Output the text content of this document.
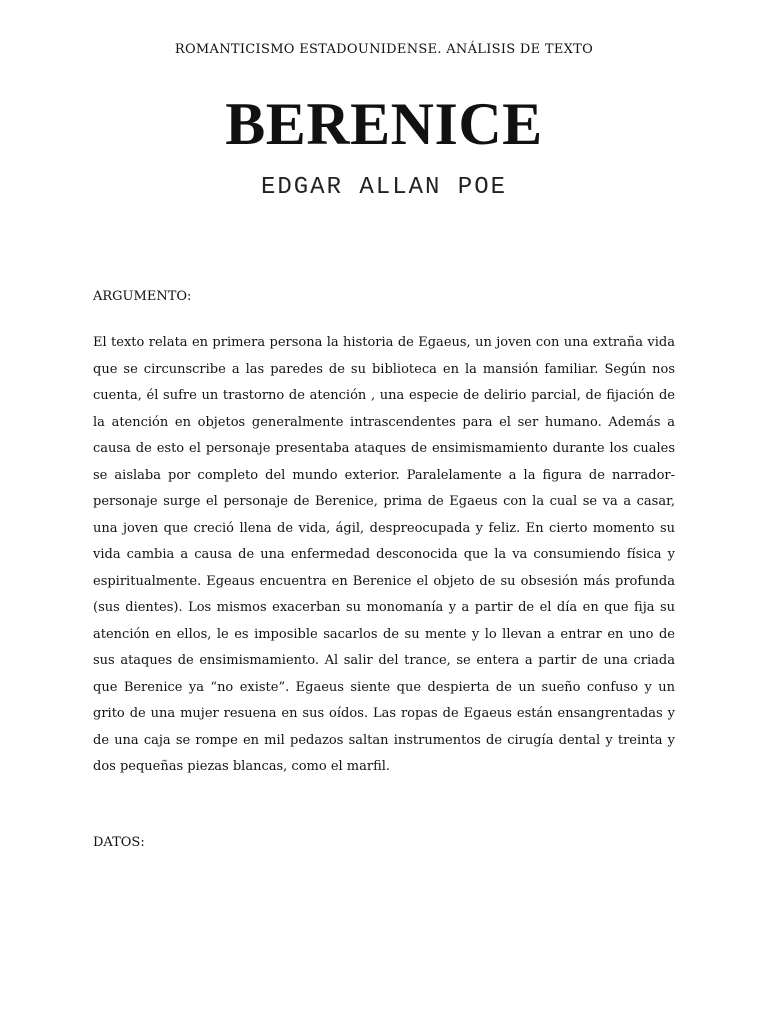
ROMANTICISMO ESTADOUNIDENSE. ANÁLISIS DE TEXTO
BERENICE
EDGAR ALLAN POE
ARGUMENTO:

El texto relata en primera persona la historia de Egaeus, un joven con una extraña vida que se circunscribe a las paredes de su biblioteca en la mansión familiar. Según nos cuenta, él sufre un trastorno de atención , una especie de delirio parcial, de fijación de la atención en objetos generalmente intrascendentes para el ser humano. Además a causa de esto el personaje presentaba ataques de ensimismamiento durante los cuales se aislaba por completo del mundo exterior. Paralelamente a la figura de narrador-personaje surge el personaje de Berenice, prima de Egaeus con la cual se va a casar, una joven que creció llena de vida, ágil, despreocupada y feliz. En cierto momento su vida cambia a causa de una enfermedad desconocida que la va consumiendo física y espiritualmente. Egeaus encuentra en Berenice el objeto de su obsesión más profunda (sus dientes). Los mismos exacerban su monomanía y a partir de el día en que fija su atención en ellos, le es imposible sacarlos de su mente y lo llevan a entrar en uno de sus ataques de ensimismamiento. Al salir del trance, se entera a partir de una criada que Berenice ya “no existe”. Egaeus siente que despierta de un sueño confuso y un grito de una mujer resuena en sus oídos. Las ropas de Egaeus están ensangrentadas y de una caja se rompe en mil pedazos saltan instrumentos de cirugía dental y treinta y dos pequeñas piezas blancas, como el marfil.

DATOS:
